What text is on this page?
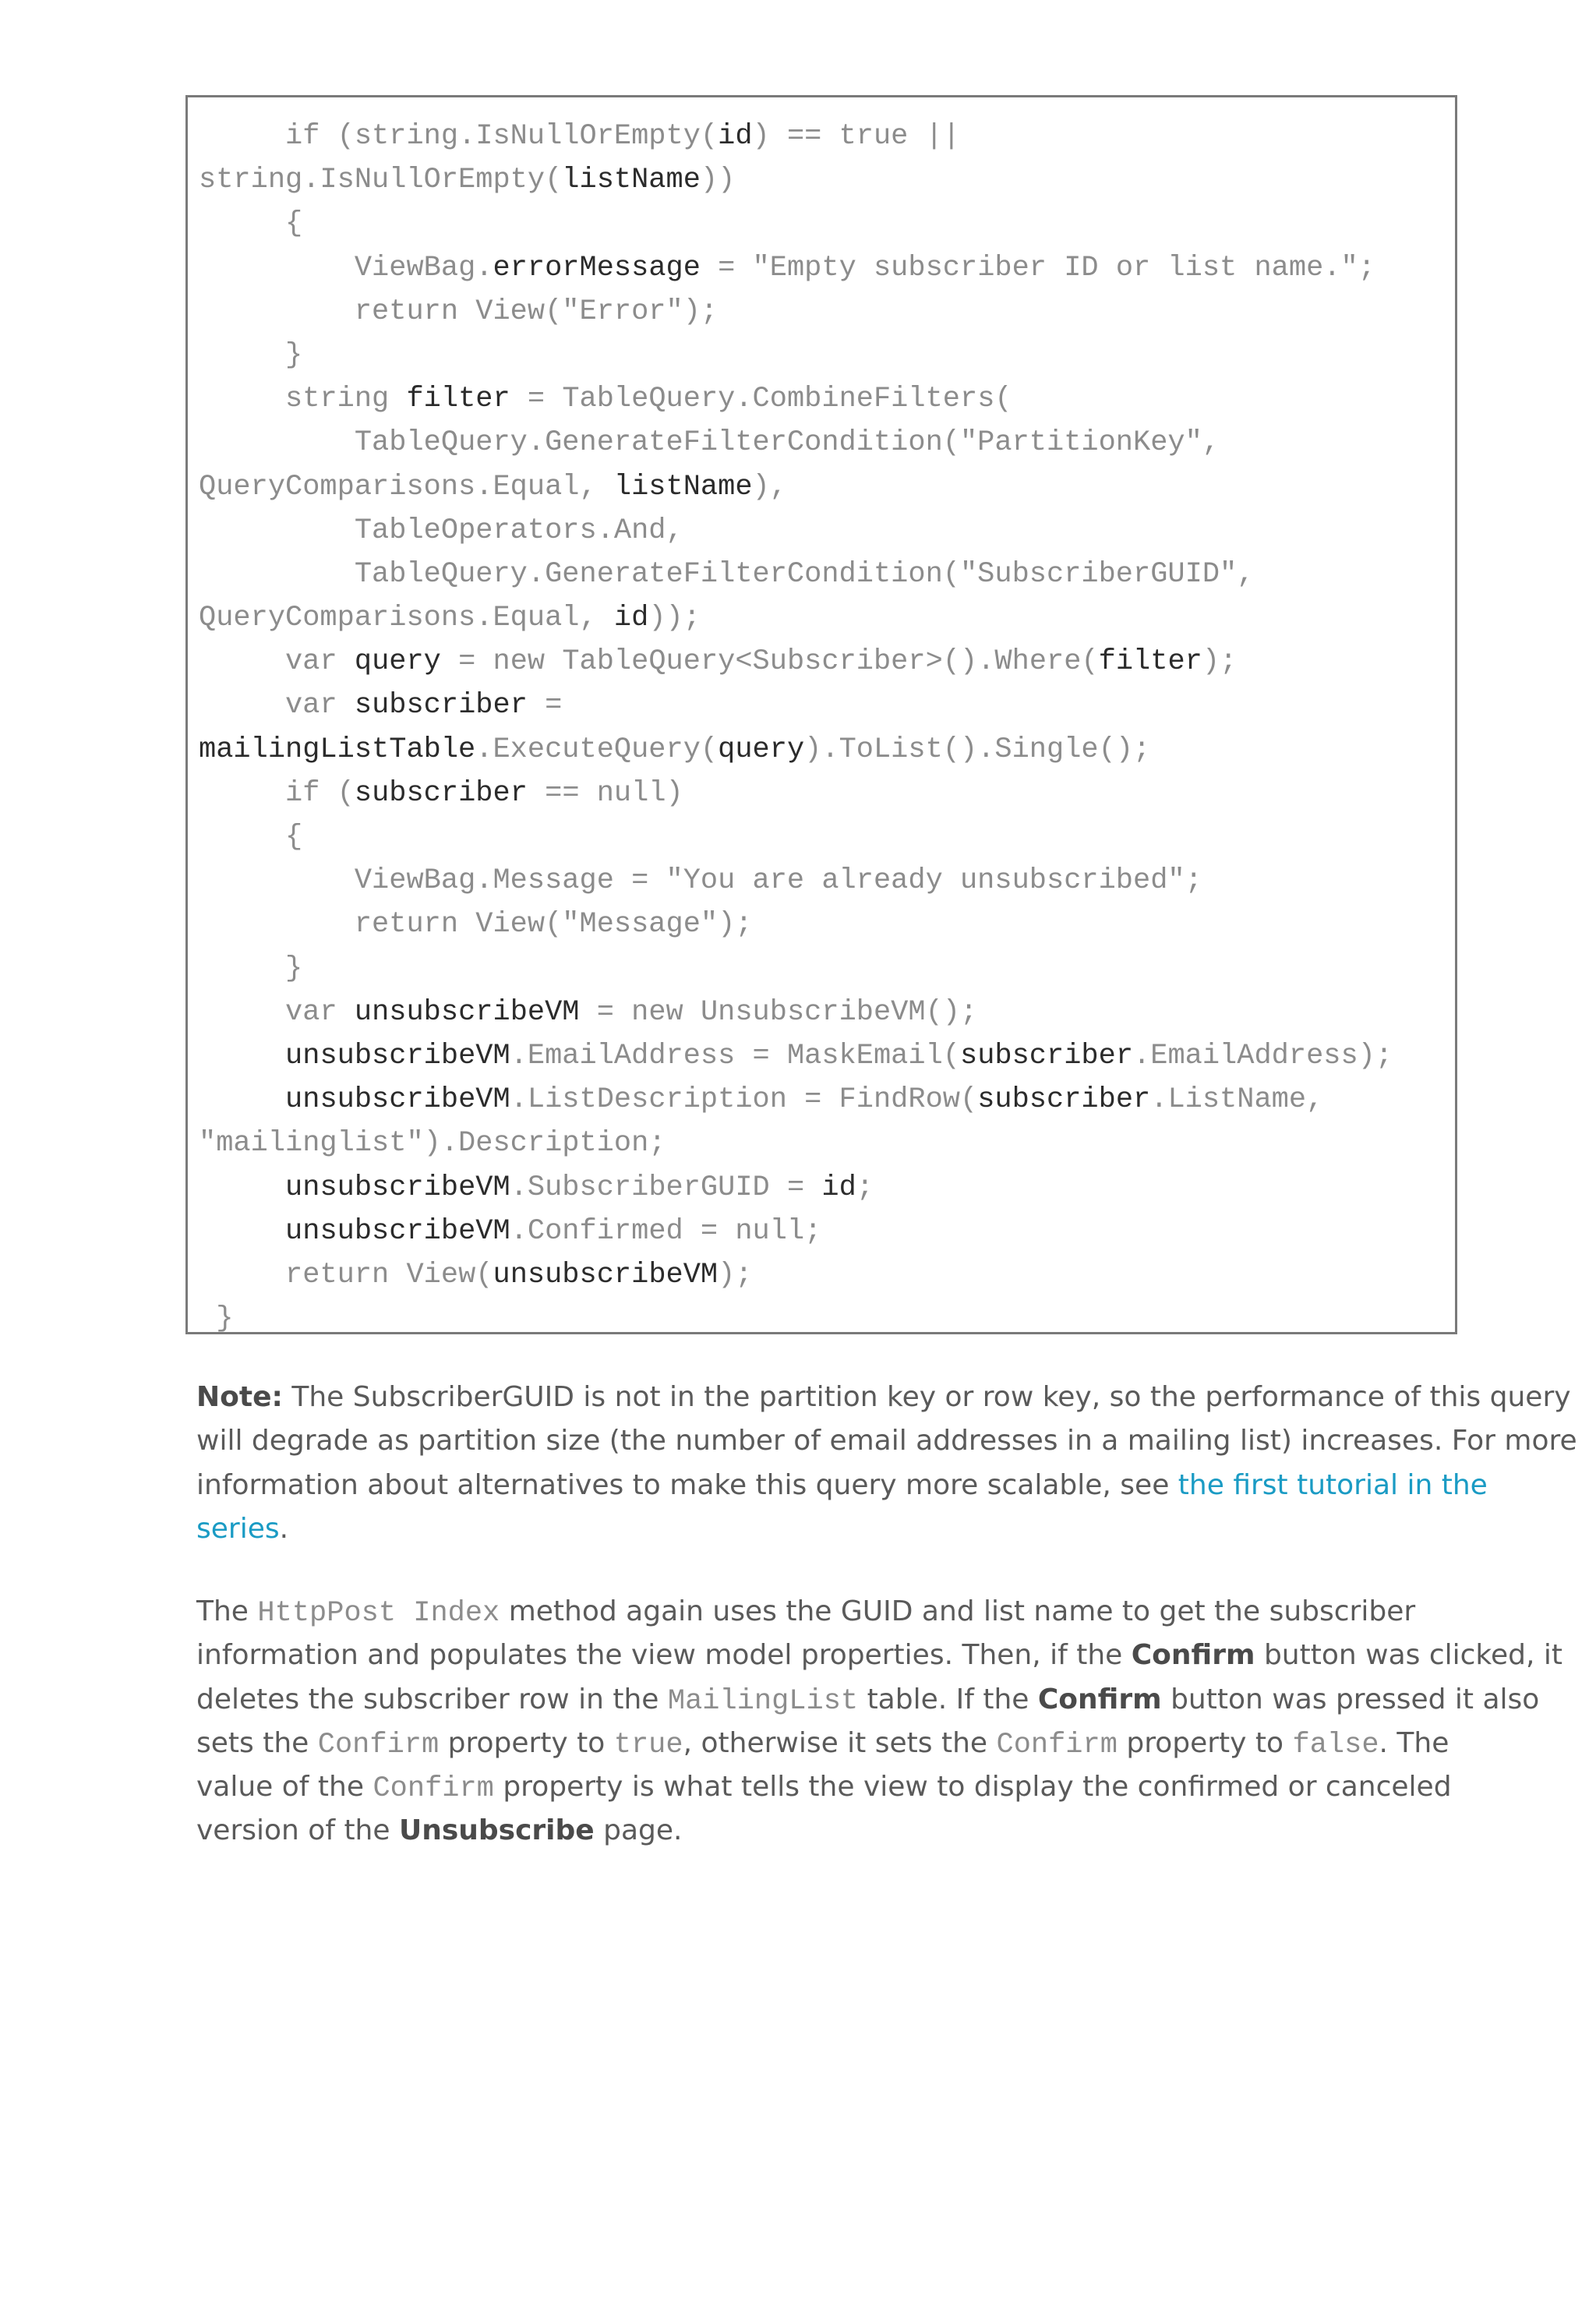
if (string.IsNullOrEmpty(id) == true ||
string.IsNullOrEmpty(listName))
{
ViewBag.errorMessage = "Empty subscriber ID or list name.";
return View("Error");
}
string filter = TableQuery.CombineFilters(
TableQuery.GenerateFilterCondition("PartitionKey",
QueryComparisons.Equal, listName),
TableOperators.And,
TableQuery.GenerateFilterCondition("SubscriberGUID",
QueryComparisons.Equal, id));
var query = new TableQuery<Subscriber>().Where(filter);
var subscriber =
mailingListTable.ExecuteQuery(query).ToList().Single();
if (subscriber == null)
{
ViewBag.Message = "You are already unsubscribed";
return View("Message");
}
var unsubscribeVM = new UnsubscribeVM();
unsubscribeVM.EmailAddress = MaskEmail(subscriber.EmailAddress);
unsubscribeVM.ListDescription = FindRow(subscriber.ListName,
"mailinglist").Description;
unsubscribeVM.SubscriberGUID = id;
unsubscribeVM.Confirmed = null;
return View(unsubscribeVM);
}
Note: The SubscriberGUID is not in the partition key or row key, so the performance of this query
will degrade as partition size (the number of email addresses in a mailing list) increases. For more
information about alternatives to make this query more scalable, see the first tutorial in the
series.
The HttpPost Index method again uses the GUID and list name to get the subscriber
information and populates the view model properties. Then, if the Confirm button was clicked, it
deletes the subscriber row in the MailingList table. If the Confirm button was pressed it also
sets the Confirm property to true, otherwise it sets the Confirm property to false. The
value of the Confirm property is what tells the view to display the confirmed or canceled
version of the Unsubscribe page.
